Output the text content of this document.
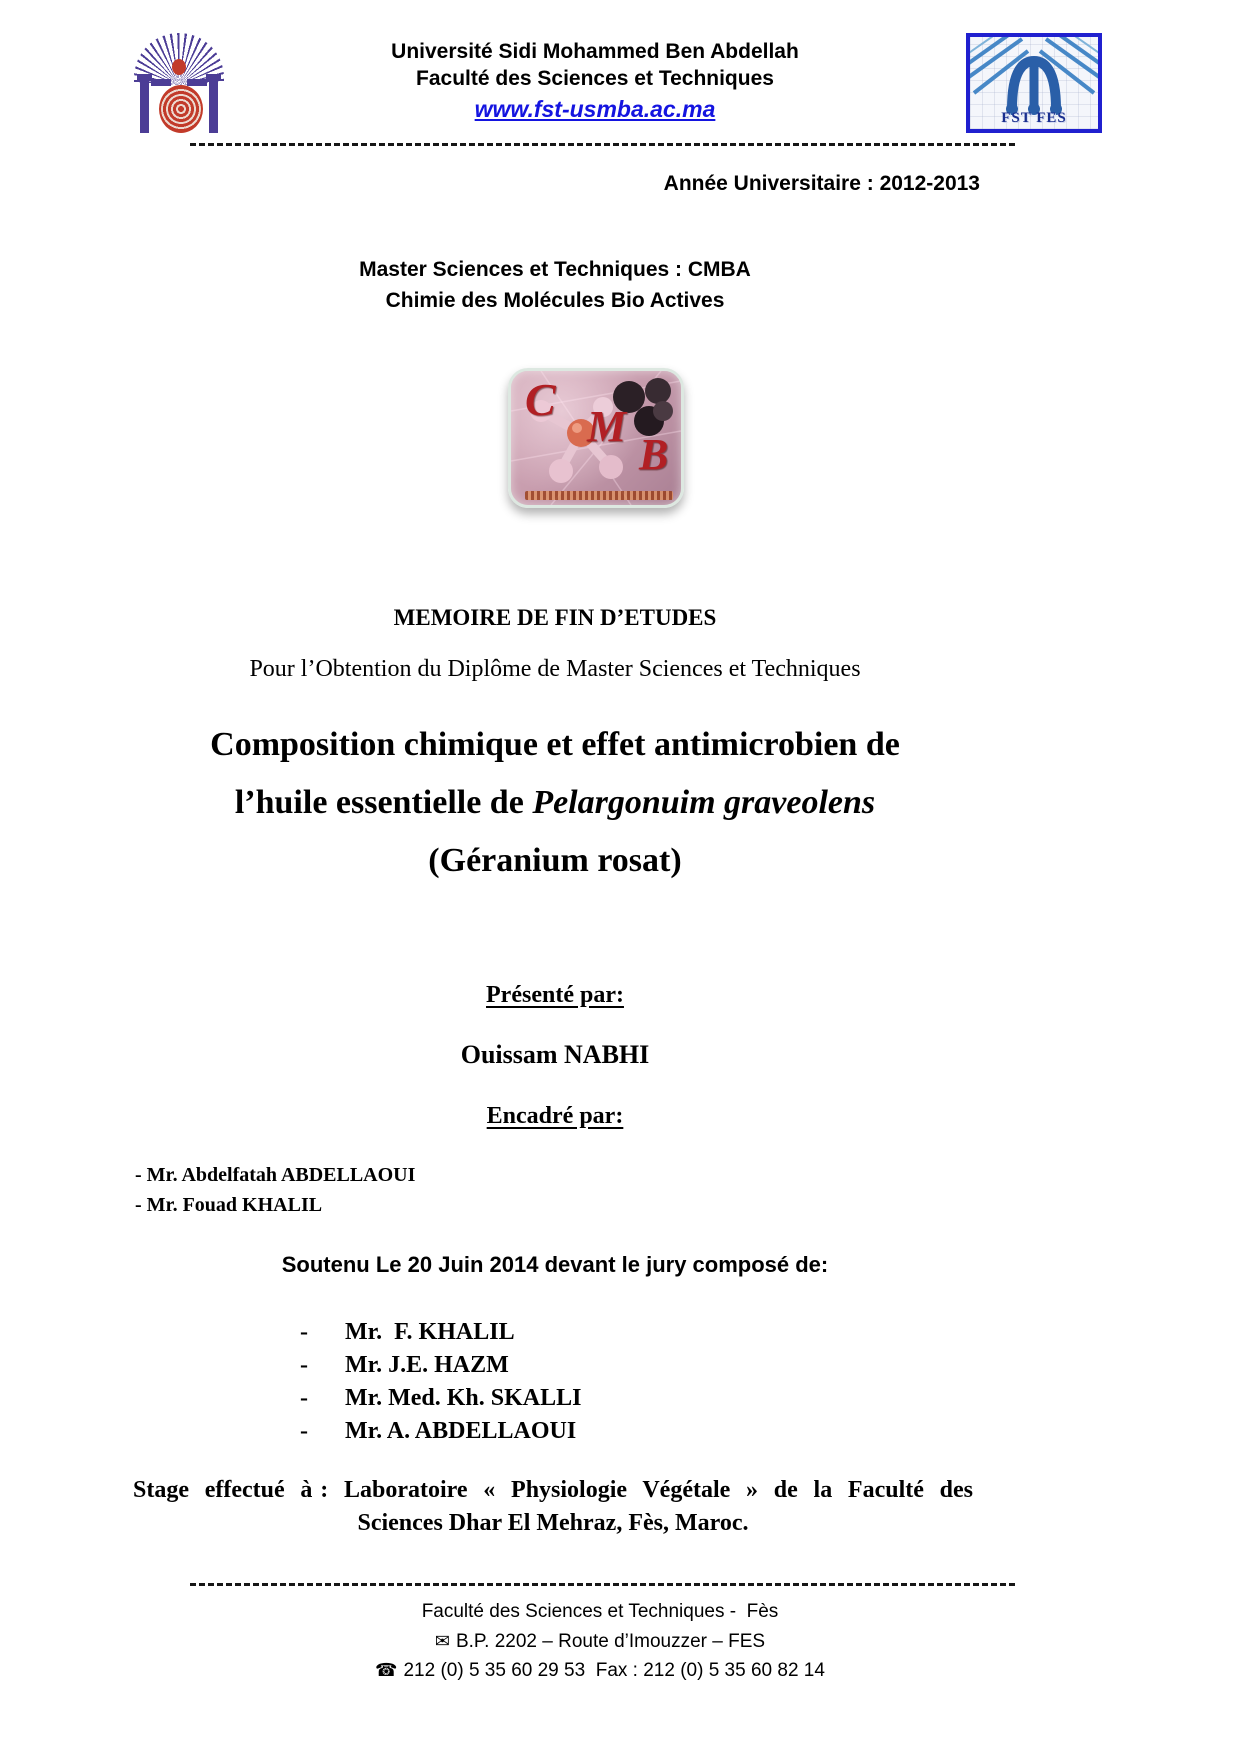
Université Sidi Mohammed Ben Abdellah
Faculté des Sciences et Techniques
www.fst-usmba.ac.ma	FST FES
Année Universitaire : 2012-2013
Master Sciences et Techniques : CMBA
Chimie des Molécules Bio Actives
C
M
B
MEMOIRE DE FIN D’ETUDES
Pour l’Obtention du Diplôme de Master Sciences et Techniques
Composition chimique et effet antimicrobien de
l’huile essentielle de Pelargonuim graveolens
(Géranium rosat)
Présenté par:
Ouissam NABHI
Encadré par:
- Mr. Abdelfatah ABDELLAOUI
- Mr. Fouad KHALIL
Soutenu Le 20 Juin 2014 devant le jury composé de:
-	Mr.  F. KHALIL
-	Mr. J.E. HAZM
-	Mr. Med. Kh. SKALLI
-	Mr. A. ABDELLAOUI
Stage  effectué  à :  Laboratoire  «  Physiologie  Végétale  »  de  la  Faculté  des
Sciences Dhar El Mehraz, Fès, Maroc.
Faculté des Sciences et Techniques -  Fès
✉ B.P. 2202 – Route d’Imouzzer – FES
☎ 212 (0) 5 35 60 29 53  Fax : 212 (0) 5 35 60 82 14
